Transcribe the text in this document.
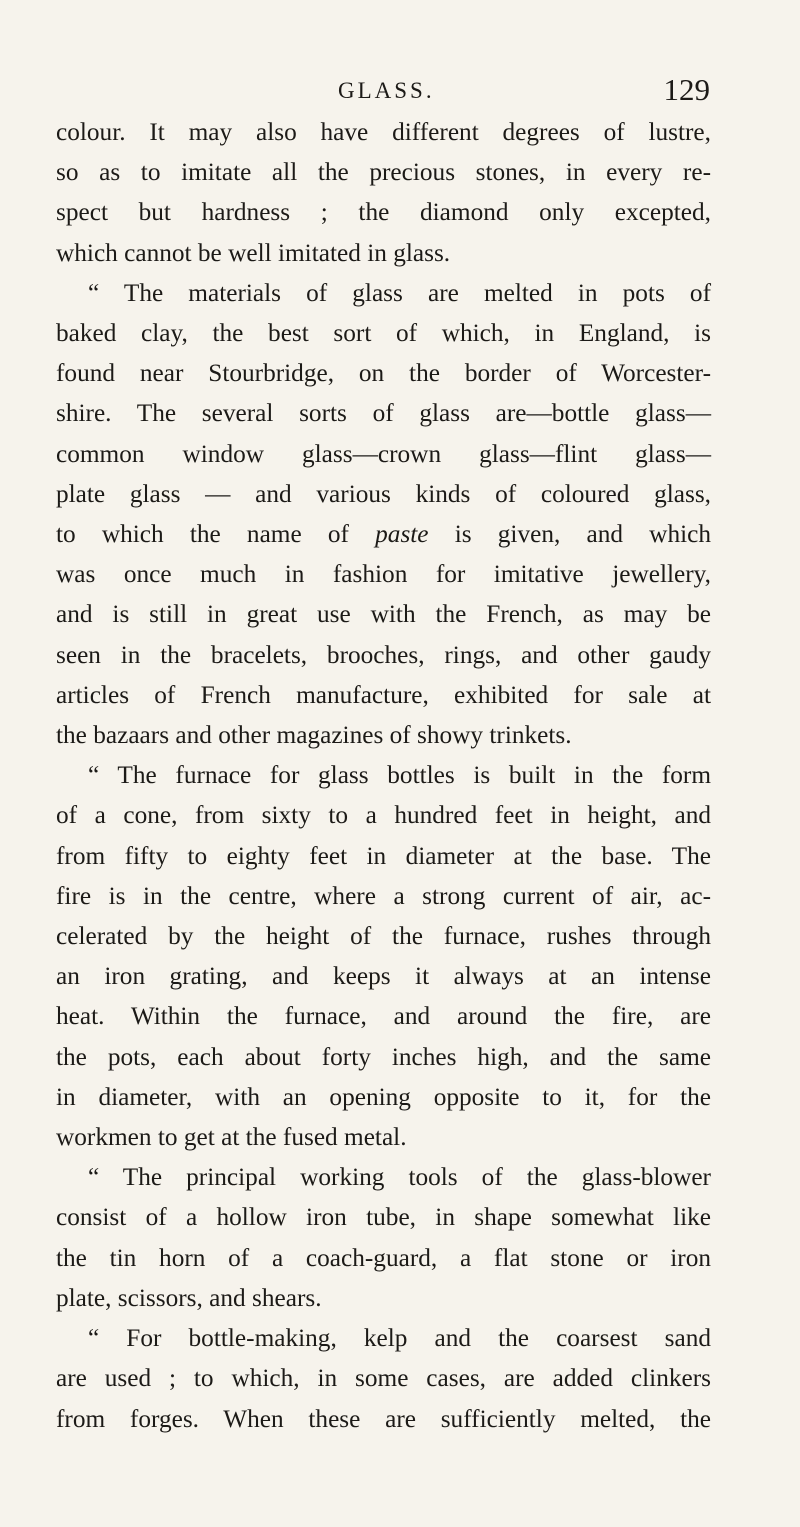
GLASS.	129
colour. It may also have different degrees of lustre,
so as to imitate all the precious stones, in every re-
spect but hardness ; the diamond only excepted,
which cannot be well imitated in glass.
“ The materials of glass are melted in pots of
baked clay, the best sort of which, in England, is
found near Stourbridge, on the border of Worcester-
shire. The several sorts of glass are—bottle glass—
common window glass—crown glass—flint glass—
plate glass — and various kinds of coloured glass,
to which the name of paste is given, and which
was once much in fashion for imitative jewellery,
and is still in great use with the French, as may be
seen in the bracelets, brooches, rings, and other gaudy
articles of French manufacture, exhibited for sale at
the bazaars and other magazines of showy trinkets.
“ The furnace for glass bottles is built in the form
of a cone, from sixty to a hundred feet in height, and
from fifty to eighty feet in diameter at the base. The
fire is in the centre, where a strong current of air, ac-
celerated by the height of the furnace, rushes through
an iron grating, and keeps it always at an intense
heat. Within the furnace, and around the fire, are
the pots, each about forty inches high, and the same
in diameter, with an opening opposite to it, for the
workmen to get at the fused metal.
“ The principal working tools of the glass-blower
consist of a hollow iron tube, in shape somewhat like
the tin horn of a coach-guard, a flat stone or iron
plate, scissors, and shears.
“ For bottle-making, kelp and the coarsest sand
are used ; to which, in some cases, are added clinkers
from forges. When these are sufficiently melted, the
